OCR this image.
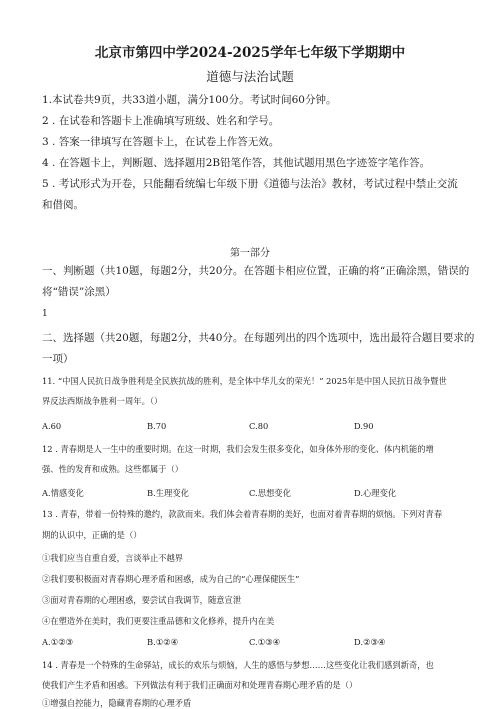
北京市第四中学2024-2025学年七年级下学期期中
道德与法治试题
1.本试卷共9页，共33道小题，满分100分。考试时间60分钟。
2 . 在试卷和答题卡上准确填写班级、姓名和学号。
3 . 答案一律填写在答题卡上，在试卷上作答无效。
4 . 在答题卡上，判断题、选择题用2B铅笔作答，其他试题用黑色字迹签字笔作答。
5 . 考试形式为开卷，只能翻看统编七年级下册《道德与法治》教材，考试过程中禁止交流
和借阅。
第一部分
一、判断题（共10题，每题2分，共20分。在答题卡相应位置，正确的将“正确涂黑，错误的
将“错误”涂黑）
1
二、选择题（共20题，每题2分，共40分。在每题列出的四个选项中，选出最符合题目要求的
一项）
11. “中国人民抗日战争胜利是全民族抗战的胜利，是全体中华儿女的荣光！” 2025年是中国人民抗日战争暨世
界反法西斯战争胜利一周年。（）
A.60	B.70	C.80	D.90
12 . 青春期是人一生中的重要时期。在这一时期，我们会发生很多变化，如身体外形的变化、体内机能的增
强、性的发育和成熟。这些都属于（）
A.情感变化	B.生理变化	C.思想变化	D.心理变化
13 . 青春，带着一份特殊的邀约，款款而来。我们体会着青春期的美好，也面对着青春期的烦恼。下列对青春
期的认识中，正确的是（）
①我们应当自重自爱，言谈举止不越界
②我们要积极面对青春期心理矛盾和困惑，成为自己的“心理保健医生”
③面对青春期的心理困惑，要尝试自我调节，随意宣泄
④在塑造外在美时，我们更要注重品德和文化修养，提升内在美
A.①②③	B.①②④	C.①③④	D.②③④
14 . 青春是一个特殊的生命驿站，成长的欢乐与烦恼，人生的感悟与梦想……这些变化让我们感到新奇，也
使我们产生矛盾和困惑。下列做法有利于我们正确面对和处理青春期心理矛盾的是（）
①增强自控能力，隐藏青春期的心理矛盾
